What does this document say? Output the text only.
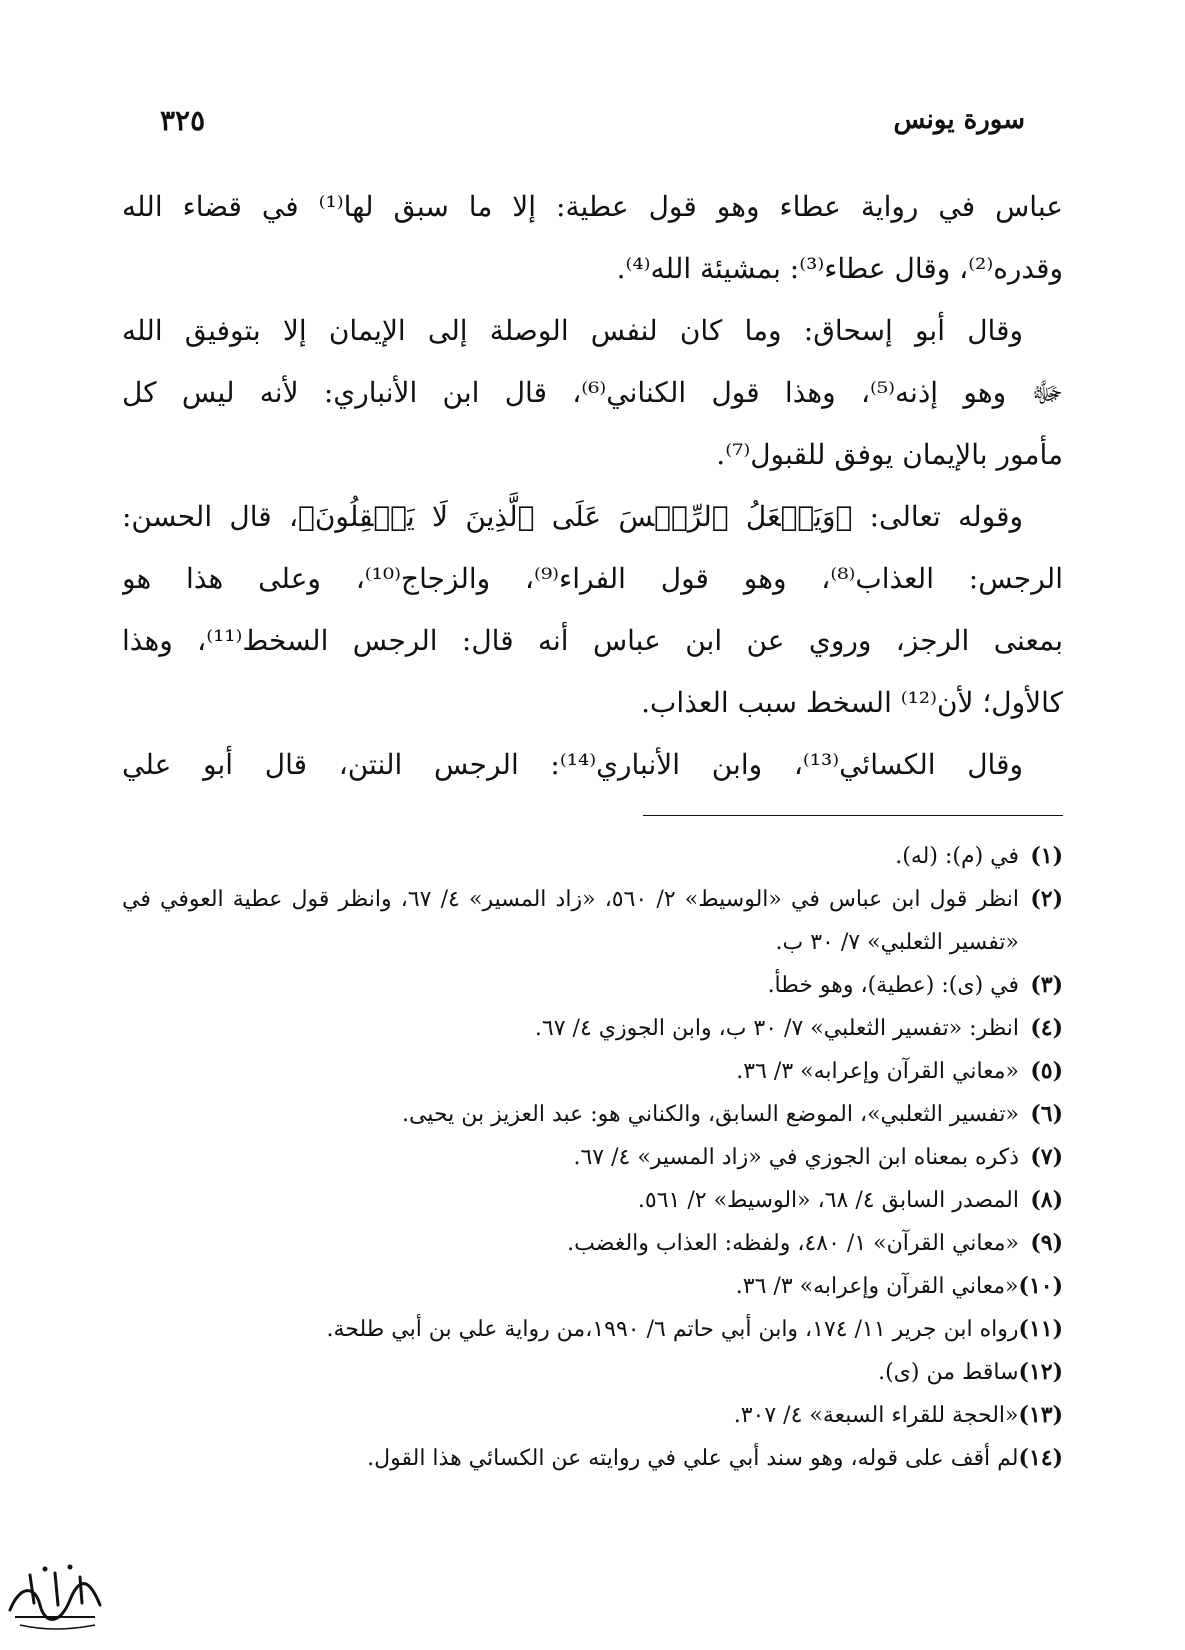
سورة يونس
٣٢٥
عباس في رواية عطاء وهو قول عطية: إلا ما سبق لها⁽¹⁾ في قضاء الله
وقدره⁽²⁾، وقال عطاء⁽³⁾: بمشيئة الله⁽⁴⁾.
وقال أبو إسحاق: وما كان لنفس الوصلة إلى الإيمان إلا بتوفيق الله
ﷻ وهو إذنه⁽⁵⁾، وهذا قول الكناني⁽⁶⁾، قال ابن الأنباري: لأنه ليس كل
مأمور بالإيمان يوفق للقبول⁽⁷⁾.
وقوله تعالى: ﴿وَيَجۡعَلُ ٱلرِّجۡسَ عَلَى ٱلَّذِينَ لَا يَعۡقِلُونَ﴾، قال الحسن:
الرجس: العذاب⁽⁸⁾، وهو قول الفراء⁽⁹⁾، والزجاج⁽¹⁰⁾، وعلى هذا هو
بمعنى الرجز، وروي عن ابن عباس أنه قال: الرجس السخط⁽¹¹⁾، وهذا
كالأول؛ لأن⁽¹²⁾ السخط سبب العذاب.
وقال الكسائي⁽¹³⁾، وابن الأنباري⁽¹⁴⁾: الرجس النتن، قال أبو علي
(١)
في (م): (له).
(٢)
انظر قول ابن عباس في «الوسيط» ٢/ ٥٦٠، «زاد المسير» ٤/ ٦٧، وانظر قول عطية العوفي في «تفسير الثعلبي» ٧/ ٣٠ ب.
(٣)
في (ى): (عطية)، وهو خطأ.
(٤)
انظر: «تفسير الثعلبي» ٧/ ٣٠ ب، وابن الجوزي ٤/ ٦٧.
(٥)
«معاني القرآن وإعرابه» ٣/ ٣٦.
(٦)
«تفسير الثعلبي»، الموضع السابق، والكناني هو: عبد العزيز بن يحيى.
(٧)
ذكره بمعناه ابن الجوزي في «زاد المسير» ٤/ ٦٧.
(٨)
المصدر السابق ٤/ ٦٨، «الوسيط» ٢/ ٥٦١.
(٩)
«معاني القرآن» ١/ ٤٨٠، ولفظه: العذاب والغضب.
(١٠)
«معاني القرآن وإعرابه» ٣/ ٣٦.
(١١)
رواه ابن جرير ١١/ ١٧٤، وابن أبي حاتم ٦/ ١٩٩٠،من رواية علي بن أبي طلحة.
(١٢)
ساقط من (ى).
(١٣)
«الحجة للقراء السبعة» ٤/ ٣٠٧.
(١٤)
لم أقف على قوله، وهو سند أبي علي في روايته عن الكسائي هذا القول.
